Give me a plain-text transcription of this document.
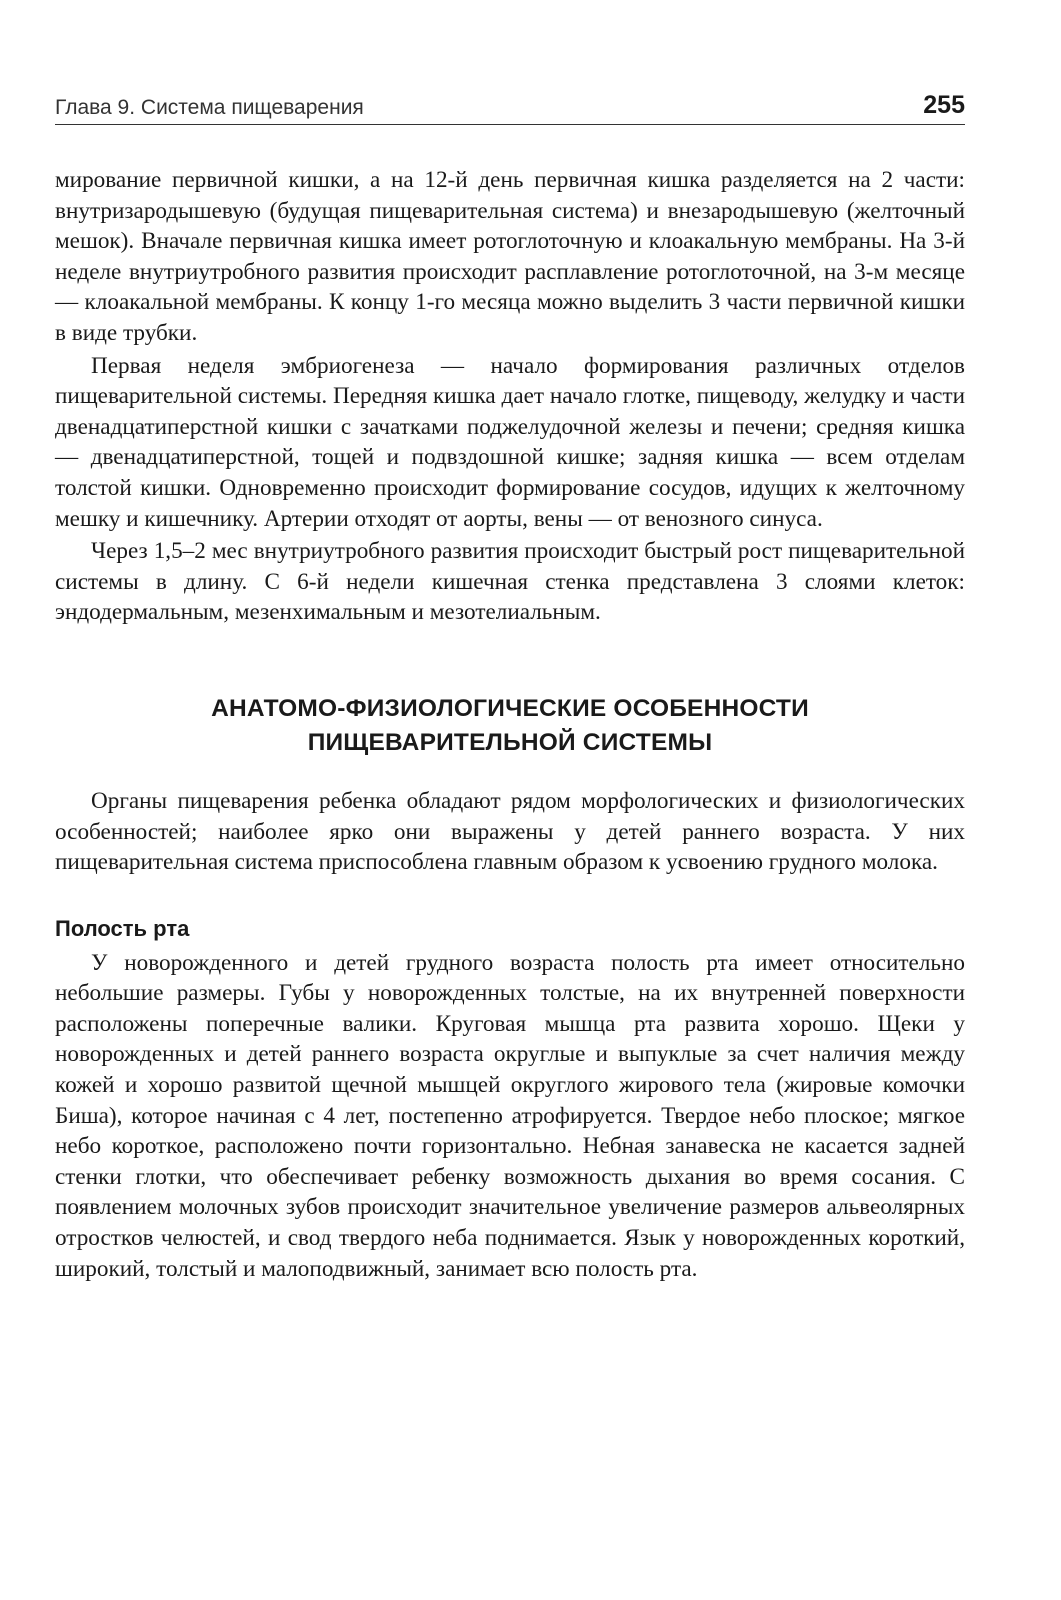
Глава 9. Система пищеварения	255

мирование первичной кишки, а на 12-й день первичная кишка разделяется на 2 части: внутризародышевую (будущая пищеварительная система) и внезародышевую (желточный мешок). Вначале первичная кишка имеет ротоглоточную и клоакальную мембраны. На 3-й неделе внутриутробного развития происходит расплавление ротоглоточной, на 3-м месяце — клоакальной мембраны. К концу 1-го месяца можно выделить 3 части первичной кишки в виде трубки.

Первая неделя эмбриогенеза — начало формирования различных отделов пищеварительной системы. Передняя кишка дает начало глотке, пищеводу, желудку и части двенадцатиперстной кишки с зачатками поджелудочной железы и печени; средняя кишка — двенадцатиперстной, тощей и подвздошной кишке; задняя кишка — всем отделам толстой кишки. Одновременно происходит формирование сосудов, идущих к желточному мешку и кишечнику. Артерии отходят от аорты, вены — от венозного синуса.

Через 1,5–2 мес внутриутробного развития происходит быстрый рост пищеварительной системы в длину. С 6-й недели кишечная стенка представлена 3 слоями клеток: эндодермальным, мезенхимальным и мезотелиальным.

АНАТОМО-ФИЗИОЛОГИЧЕСКИЕ ОСОБЕННОСТИ
ПИЩЕВАРИТЕЛЬНОЙ СИСТЕМЫ

Органы пищеварения ребенка обладают рядом морфологических и физиологических особенностей; наиболее ярко они выражены у детей раннего возраста. У них пищеварительная система приспособлена главным образом к усвоению грудного молока.

Полость рта

У новорожденного и детей грудного возраста полость рта имеет относительно небольшие размеры. Губы у новорожденных толстые, на их внутренней поверхности расположены поперечные валики. Круговая мышца рта развита хорошо. Щеки у новорожденных и детей раннего возраста округлые и выпуклые за счет наличия между кожей и хорошо развитой щечной мышцей округлого жирового тела (жировые комочки Биша), которое начиная с 4 лет, постепенно атрофируется. Твердое небо плоское; мягкое небо короткое, расположено почти горизонтально. Небная занавеска не касается задней стенки глотки, что обеспечивает ребенку возможность дыхания во время сосания. С появлением молочных зубов происходит значительное увеличение размеров альвеолярных отростков челюстей, и свод твердого неба поднимается. Язык у новорожденных короткий, широкий, толстый и малоподвижный, занимает всю полость рта.
